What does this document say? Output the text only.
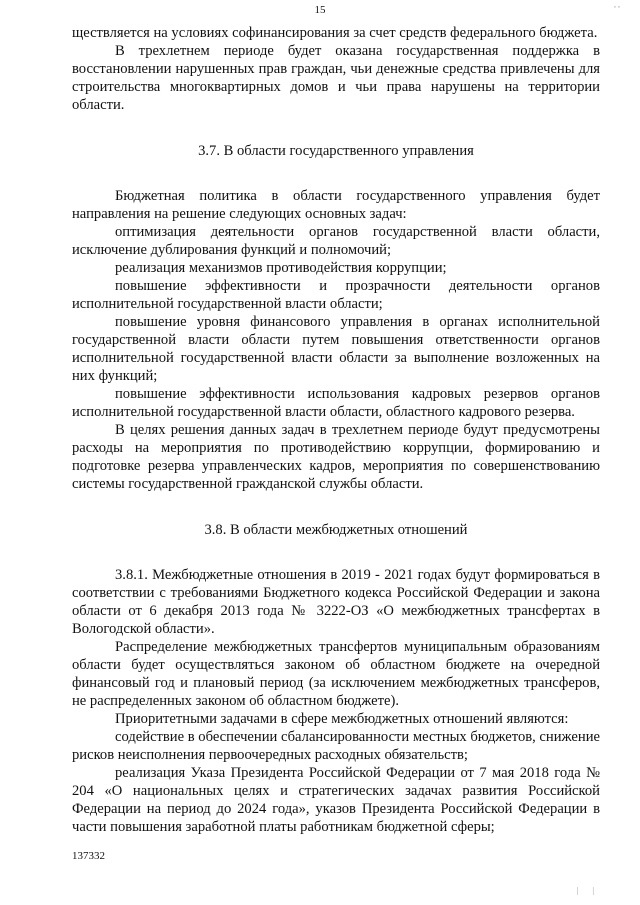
15	, ,

ществляется на условиях софинансирования за счет средств федерального бюджета.

В трехлетнем периоде будет оказана государственная поддержка в восстановлении нарушенных прав граждан, чьи денежные средства привлечены для строительства многоквартирных домов и чьи права нарушены на территории области.

3.7. В области государственного управления

Бюджетная политика в области государственного управления будет направления на решение следующих основных задач:

оптимизация деятельности органов государственной власти области, исключение дублирования функций и полномочий;

реализация механизмов противодействия коррупции;

повышение эффективности и прозрачности деятельности органов исполнительной государственной власти области;

повышение уровня финансового управления в органах исполнительной государственной власти области путем повышения ответственности органов исполнительной государственной власти области за выполнение возложенных на них функций;

повышение эффективности использования кадровых резервов органов исполнительной государственной власти области, областного кадрового резерва.

В целях решения данных задач в трехлетнем периоде будут предусмотрены расходы на мероприятия по противодействию коррупции, формированию и подготовке резерва управленческих кадров, мероприятия по совершенствованию системы государственной гражданской службы области.

3.8. В области межбюджетных отношений

3.8.1. Межбюджетные отношения в 2019 - 2021 годах будут формироваться в соответствии с требованиями Бюджетного кодекса Российской Федерации и закона области от 6 декабря 2013 года № 3222-ОЗ «О межбюджетных трансфертах в Вологодской области».

Распределение межбюджетных трансфертов муниципальным образованиям области будет осуществляться законом об областном бюджете на очередной финансовый год и плановый период (за исключением межбюджетных трансферов, не распределенных законом об областном бюджете).

Приоритетными задачами в сфере межбюджетных отношений являются:

содействие в обеспечении сбалансированности местных бюджетов, снижение рисков неисполнения первоочередных расходных обязательств;

реализация Указа Президента Российской Федерации от 7 мая 2018 года № 204 «О национальных целях и стратегических задачах развития Российской Федерации на период до 2024 года», указов Президента Российской Федерации в части повышения заработной платы работникам бюджетной сферы;

137332
| |
